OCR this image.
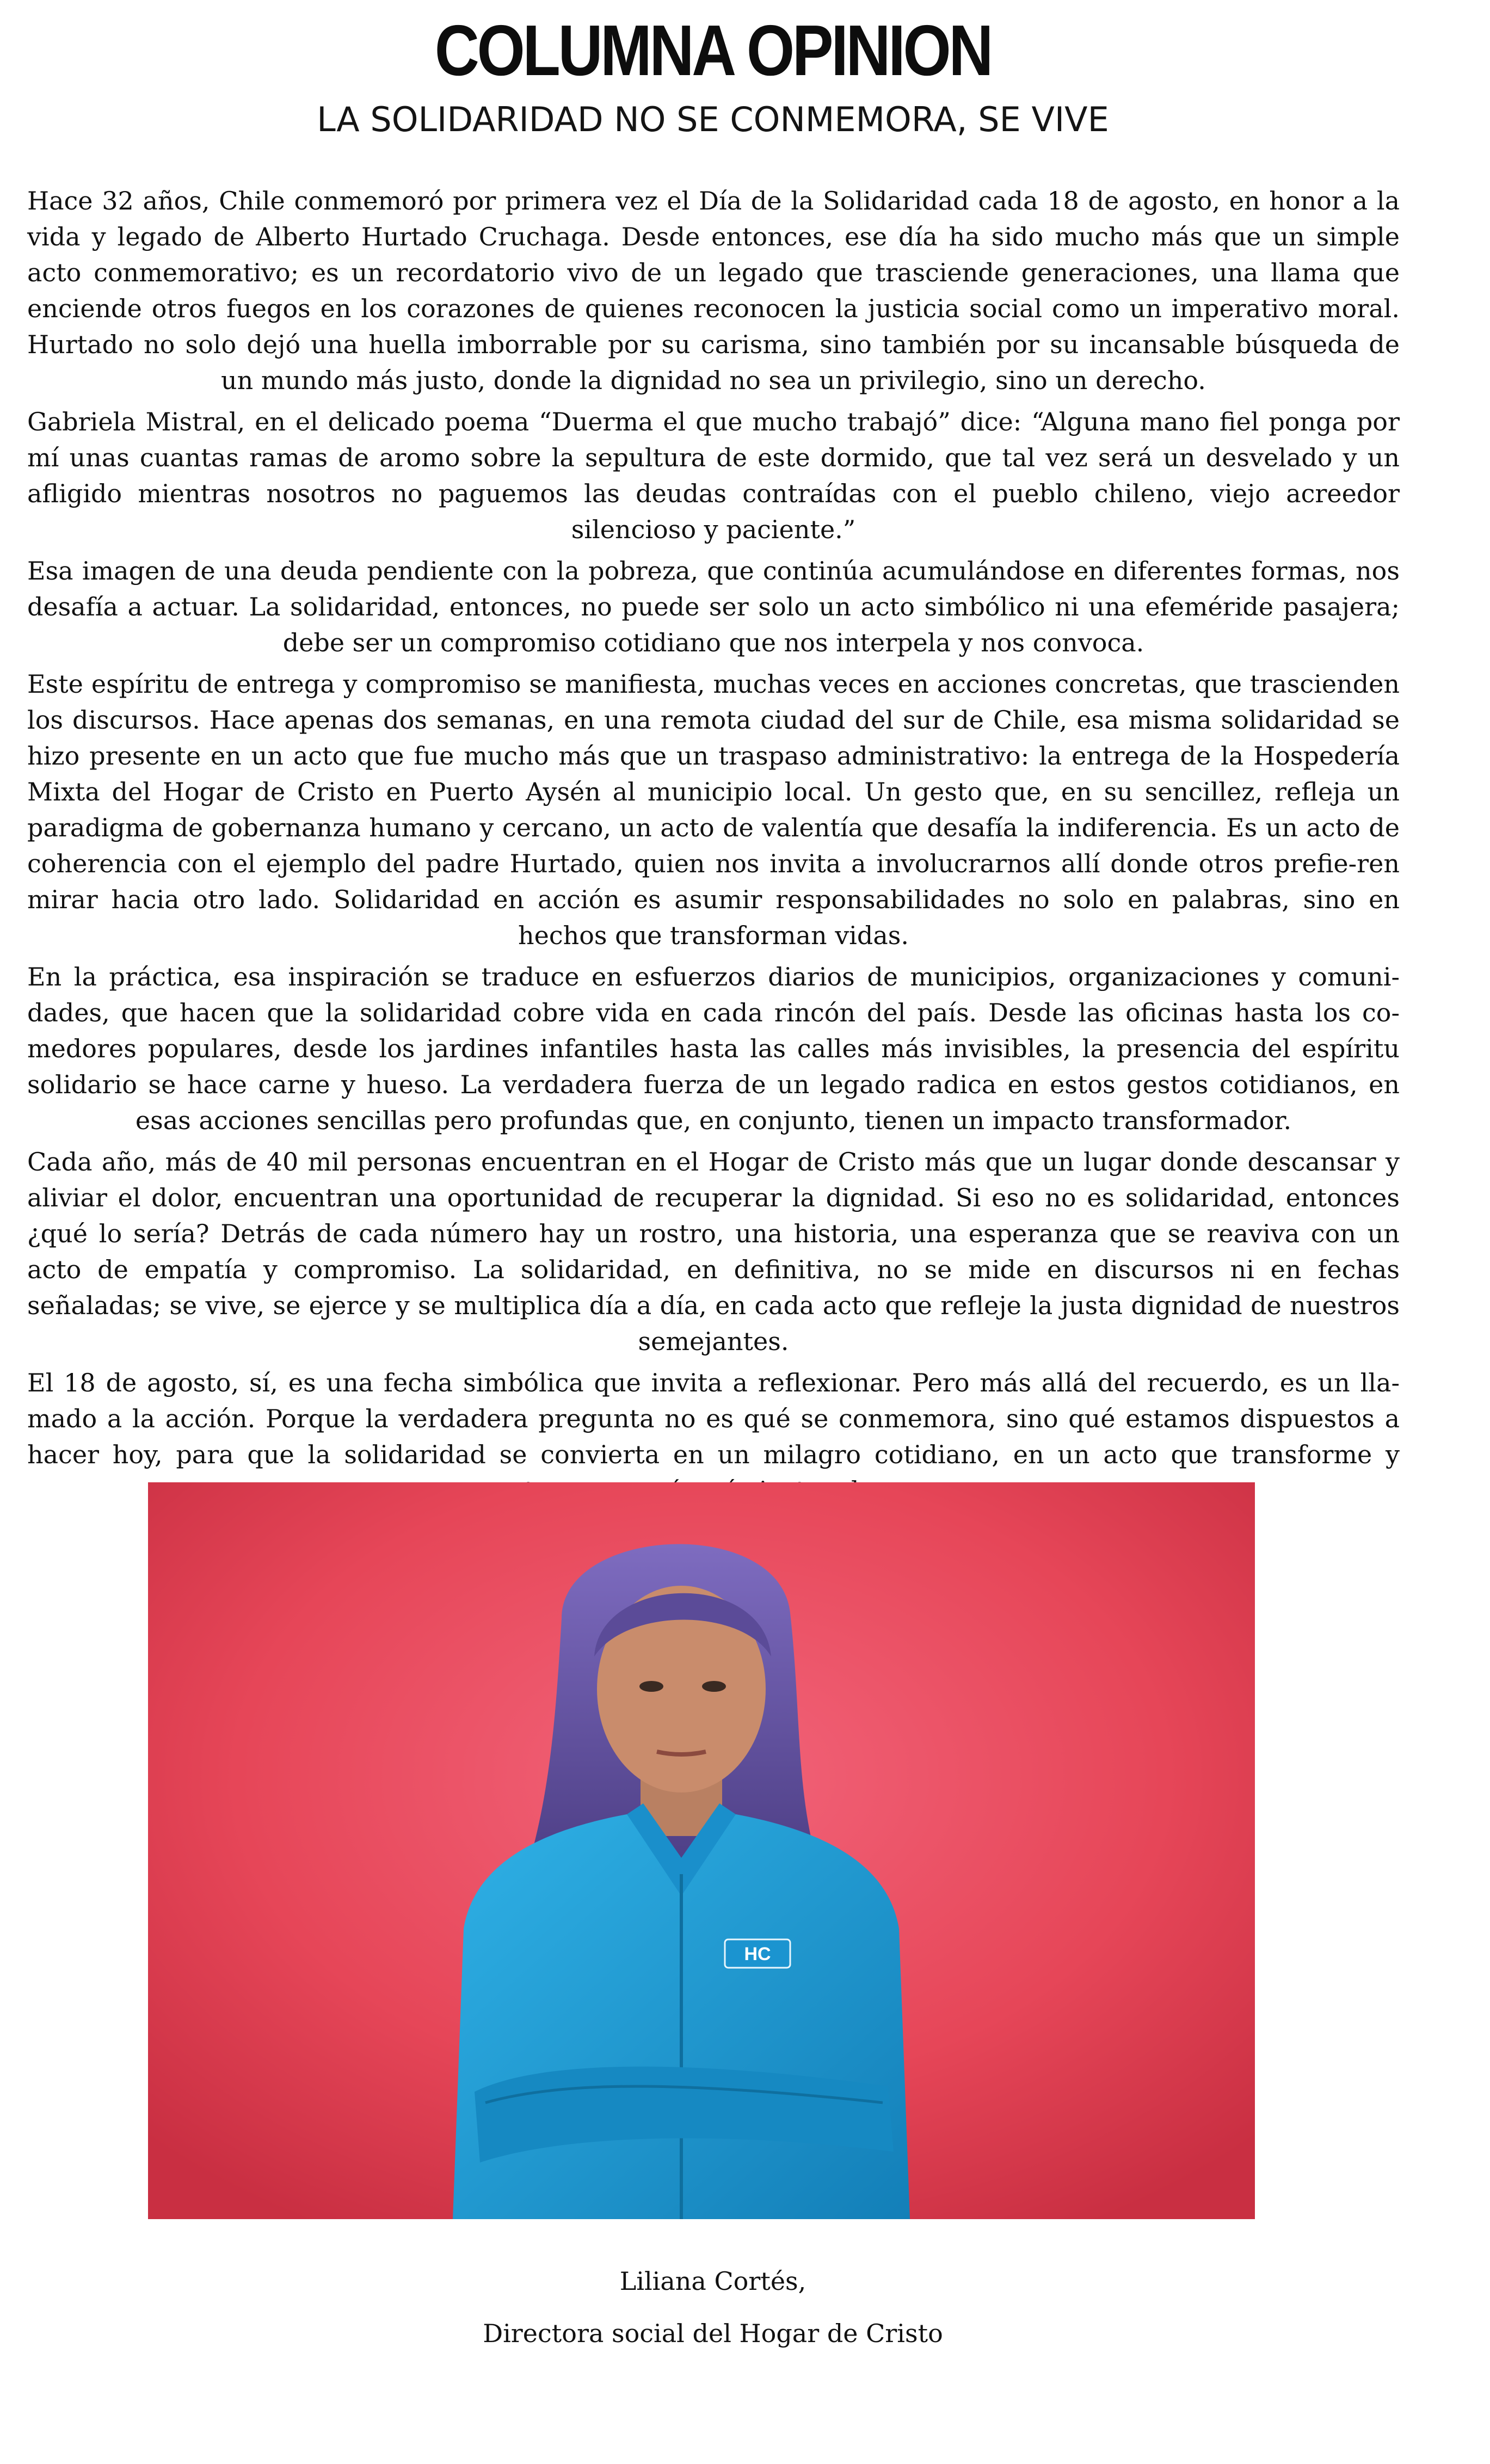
COLUMNA OPINION
LA SOLIDARIDAD NO SE CONMEMORA, SE VIVE

Hace 32 años, Chile conmemoró por primera vez el Día de la Solidaridad cada 18 de agosto, en honor a la vida y legado de Alberto Hurtado Cruchaga. Desde entonces, ese día ha sido mucho más que un simple acto conmemorativo; es un recordatorio vivo de un legado que trasciende generaciones, una llama que enciende otros fuegos en los corazones de quienes reconocen la justicia social como un imperativo moral. Hurtado no solo dejó una huella imborrable por su carisma, sino también por su incansable búsqueda de un mundo más justo, donde la dignidad no sea un privilegio, sino un derecho.

Gabriela Mistral, en el delicado poema “Duerma el que mucho trabajó” dice: “Alguna mano fiel ponga por mí unas cuantas ramas de aromo sobre la sepultura de este dormido, que tal vez será un desvelado y un afligido mientras nosotros no paguemos las deudas contraídas con el pueblo chileno, viejo acreedor silencioso y paciente.”

Esa imagen de una deuda pendiente con la pobreza, que continúa acumulándose en diferentes formas, nos desafía a actuar. La solidaridad, entonces, no puede ser solo un acto simbólico ni una efeméride pasajera; debe ser un compromiso cotidiano que nos interpela y nos convoca.

Este espíritu de entrega y compromiso se manifiesta, muchas veces en acciones concretas, que trascienden los discursos. Hace apenas dos semanas, en una remota ciudad del sur de Chile, esa misma solidaridad se hizo presente en un acto que fue mucho más que un traspaso administrativo: la entrega de la Hospedería Mixta del Hogar de Cristo en Puerto Aysén al municipio local. Un gesto que, en su sencillez, refleja un paradigma de gobernanza humano y cercano, un acto de valentía que desafía la indiferencia. Es un acto de coherencia con el ejemplo del padre Hurtado, quien nos invita a involucrarnos allí donde otros prefie-ren mirar hacia otro lado. Solidaridad en acción es asumir responsabilidades no solo en palabras, sino en hechos que transforman vidas.

En la práctica, esa inspiración se traduce en esfuerzos diarios de municipios, organizaciones y comuni-dades, que hacen que la solidaridad cobre vida en cada rincón del país. Desde las oficinas hasta los co-medores populares, desde los jardines infantiles hasta las calles más invisibles, la presencia del espíritu solidario se hace carne y hueso. La verdadera fuerza de un legado radica en estos gestos cotidianos, en esas acciones sencillas pero profundas que, en conjunto, tienen un impacto transformador.

Cada año, más de 40 mil personas encuentran en el Hogar de Cristo más que un lugar donde descansar y aliviar el dolor, encuentran una oportunidad de recuperar la dignidad. Si eso no es solidaridad, entonces ¿qué lo sería? Detrás de cada número hay un rostro, una historia, una esperanza que se reaviva con un acto de empatía y compromiso. La solidaridad, en definitiva, no se mide en discursos ni en fechas señaladas; se vive, se ejerce y se multiplica día a día, en cada acto que refleje la justa dignidad de nuestros semejantes.

El 18 de agosto, sí, es una fecha simbólica que invita a reflexionar. Pero más allá del recuerdo, es un lla-mado a la acción. Porque la verdadera pregunta no es qué se conmemora, sino qué estamos dispuestos a hacer hoy, para que la solidaridad se convierta en un milagro cotidiano, en un acto que transforme y

HC
Liliana Cortés,
Directora social del Hogar de Cristo
